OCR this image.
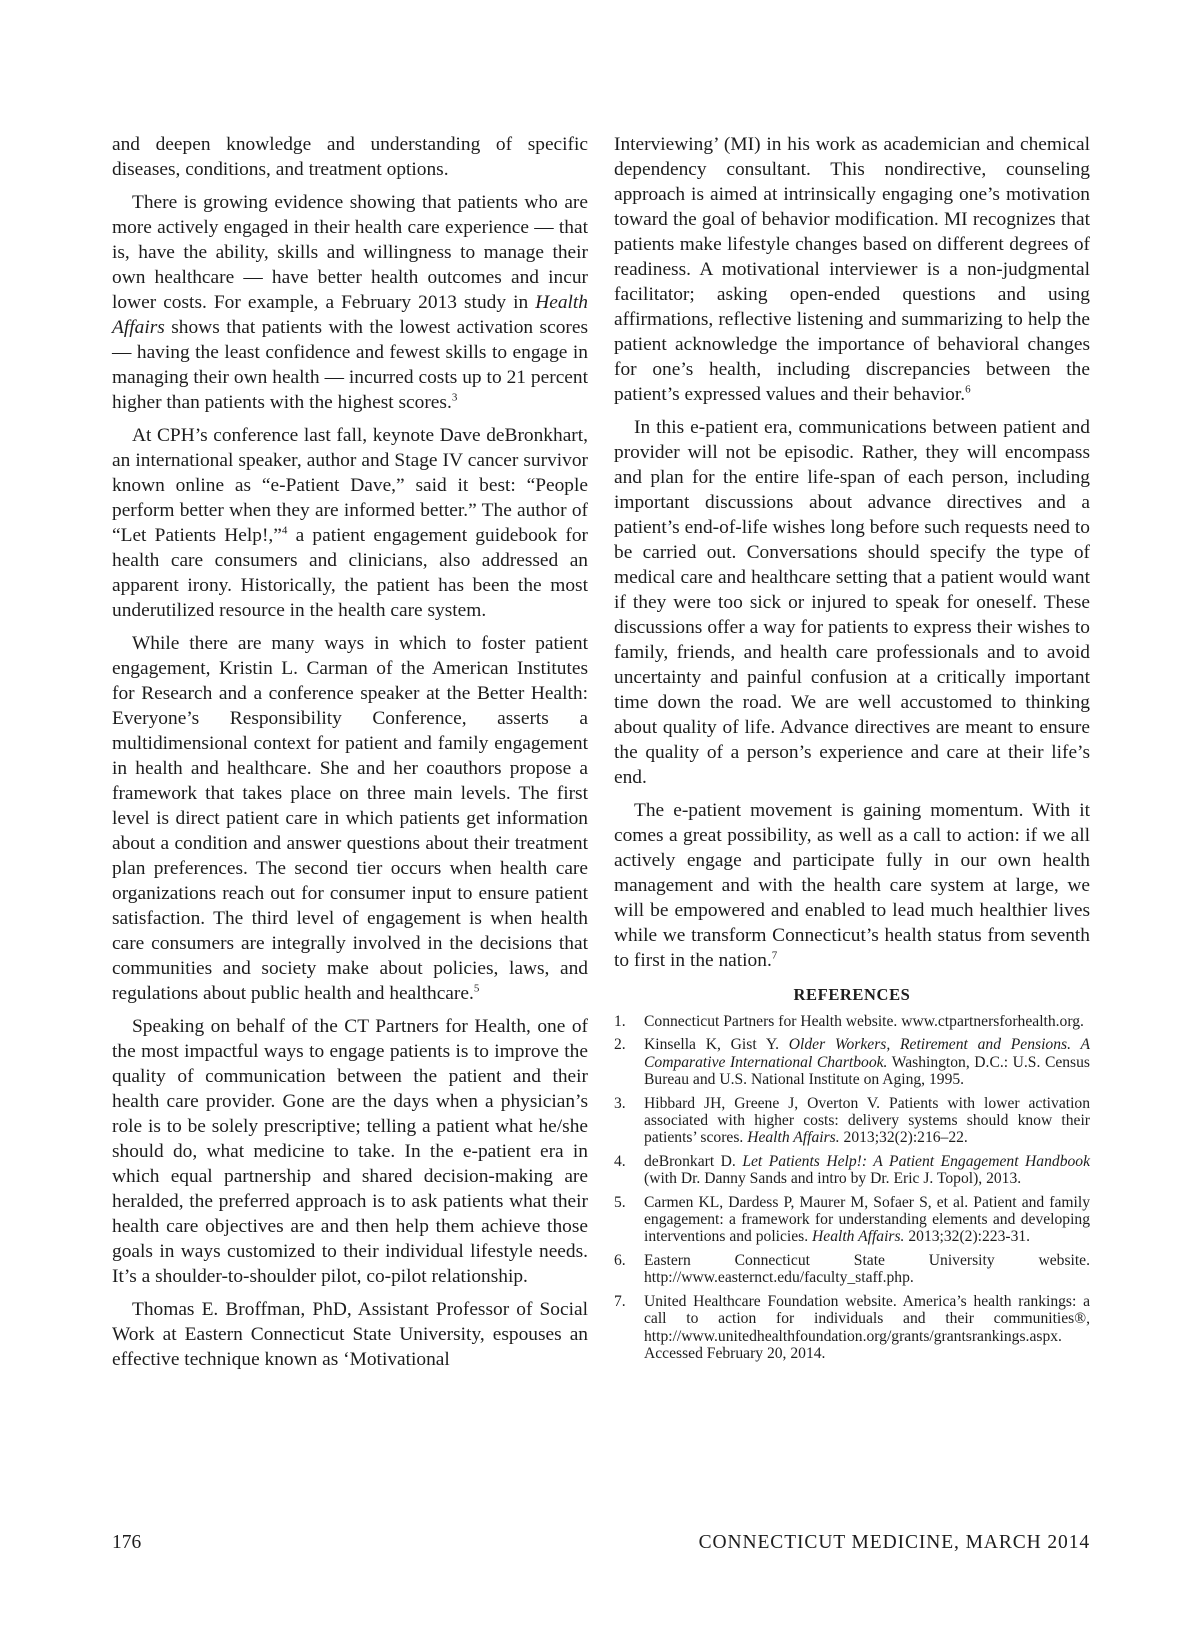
and deepen knowledge and understanding of specific diseases, conditions, and treatment options.

There is growing evidence showing that patients who are more actively engaged in their health care experience — that is, have the ability, skills and willingness to manage their own healthcare — have better health outcomes and incur lower costs. For example, a February 2013 study in Health Affairs shows that patients with the lowest activation scores — having the least confidence and fewest skills to engage in managing their own health — incurred costs up to 21 percent higher than patients with the highest scores.$^3$

At CPH’s conference last fall, keynote Dave deBronkhart, an international speaker, author and Stage IV cancer survivor known online as “e-Patient Dave,” said it best: “People perform better when they are informed better.” The author of “Let Patients Help!,”$^4$ a patient engagement guidebook for health care consumers and clinicians, also addressed an apparent irony. Historically, the patient has been the most underutilized resource in the health care system.

While there are many ways in which to foster patient engagement, Kristin L. Carman of the American Institutes for Research and a conference speaker at the Better Health: Everyone’s Responsibility Conference, asserts a multidimensional context for patient and family engagement in health and healthcare. She and her coauthors propose a framework that takes place on three main levels. The first level is direct patient care in which patients get information about a condition and answer questions about their treatment plan preferences. The second tier occurs when health care organizations reach out for consumer input to ensure patient satisfaction. The third level of engagement is when health care consumers are integrally involved in the decisions that communities and society make about policies, laws, and regulations about public health and healthcare.$^5$

Speaking on behalf of the CT Partners for Health, one of the most impactful ways to engage patients is to improve the quality of communication between the patient and their health care provider. Gone are the days when a physician’s role is to be solely prescriptive; telling a patient what he/she should do, what medicine to take. In the e-patient era in which equal partnership and shared decision-making are heralded, the preferred approach is to ask patients what their health care objectives are and then help them achieve those goals in ways customized to their individual lifestyle needs. It’s a shoulder-to-shoulder pilot, co-pilot relationship.

Thomas E. Broffman, PhD, Assistant Professor of Social Work at Eastern Connecticut State University, espouses an effective technique known as ‘Motivational

Interviewing’ (MI) in his work as academician and chemical dependency consultant. This nondirective, counseling approach is aimed at intrinsically engaging one’s motivation toward the goal of behavior modification. MI recognizes that patients make lifestyle changes based on different degrees of readiness. A motivational interviewer is a non-judgmental facilitator; asking open-ended questions and using affirmations, reflective listening and summarizing to help the patient acknowledge the importance of behavioral changes for one’s health, including discrepancies between the patient’s expressed values and their behavior.$^6$

In this e-patient era, communications between patient and provider will not be episodic. Rather, they will encompass and plan for the entire life-span of each person, including important discussions about advance directives and a patient’s end-of-life wishes long before such requests need to be carried out. Conversations should specify the type of medical care and healthcare setting that a patient would want if they were too sick or injured to speak for oneself. These discussions offer a way for patients to express their wishes to family, friends, and health care professionals and to avoid uncertainty and painful confusion at a critically important time down the road. We are well accustomed to thinking about quality of life. Advance directives are meant to ensure the quality of a person’s experience and care at their life’s end.

The e-patient movement is gaining momentum. With it comes a great possibility, as well as a call to action: if we all actively engage and participate fully in our own health management and with the health care system at large, we will be empowered and enabled to lead much healthier lives while we transform Connecticut’s health status from seventh to first in the nation.$^7$

REFERENCES
1.	Connecticut Partners for Health website. www.ctpartnersforhealth.org.
2.	Kinsella K, Gist Y. Older Workers, Retirement and Pensions. A Comparative International Chartbook. Washington, D.C.: U.S. Census Bureau and U.S. National Institute on Aging, 1995.
3.	Hibbard JH, Greene J, Overton V. Patients with lower activation associated with higher costs: delivery systems should know their patients’ scores. Health Affairs. 2013;32(2):216–22.
4.	deBronkart D. Let Patients Help!: A Patient Engagement Handbook (with Dr. Danny Sands and intro by Dr. Eric J. Topol), 2013.
5.	Carmen KL, Dardess P, Maurer M, Sofaer S, et al. Patient and family engagement: a framework for understanding elements and developing interventions and policies. Health Affairs. 2013;32(2):223-31.
6.	Eastern Connecticut State University website. http://www.easternct.edu/faculty_staff.php.
7.	United Healthcare Foundation website. America’s health rankings: a call to action for individuals and their communities®, http://www.unitedhealthfoundation.org/grants/grantsrankings.aspx. Accessed February 20, 2014.
176	CONNECTICUT MEDICINE, MARCH 2014
